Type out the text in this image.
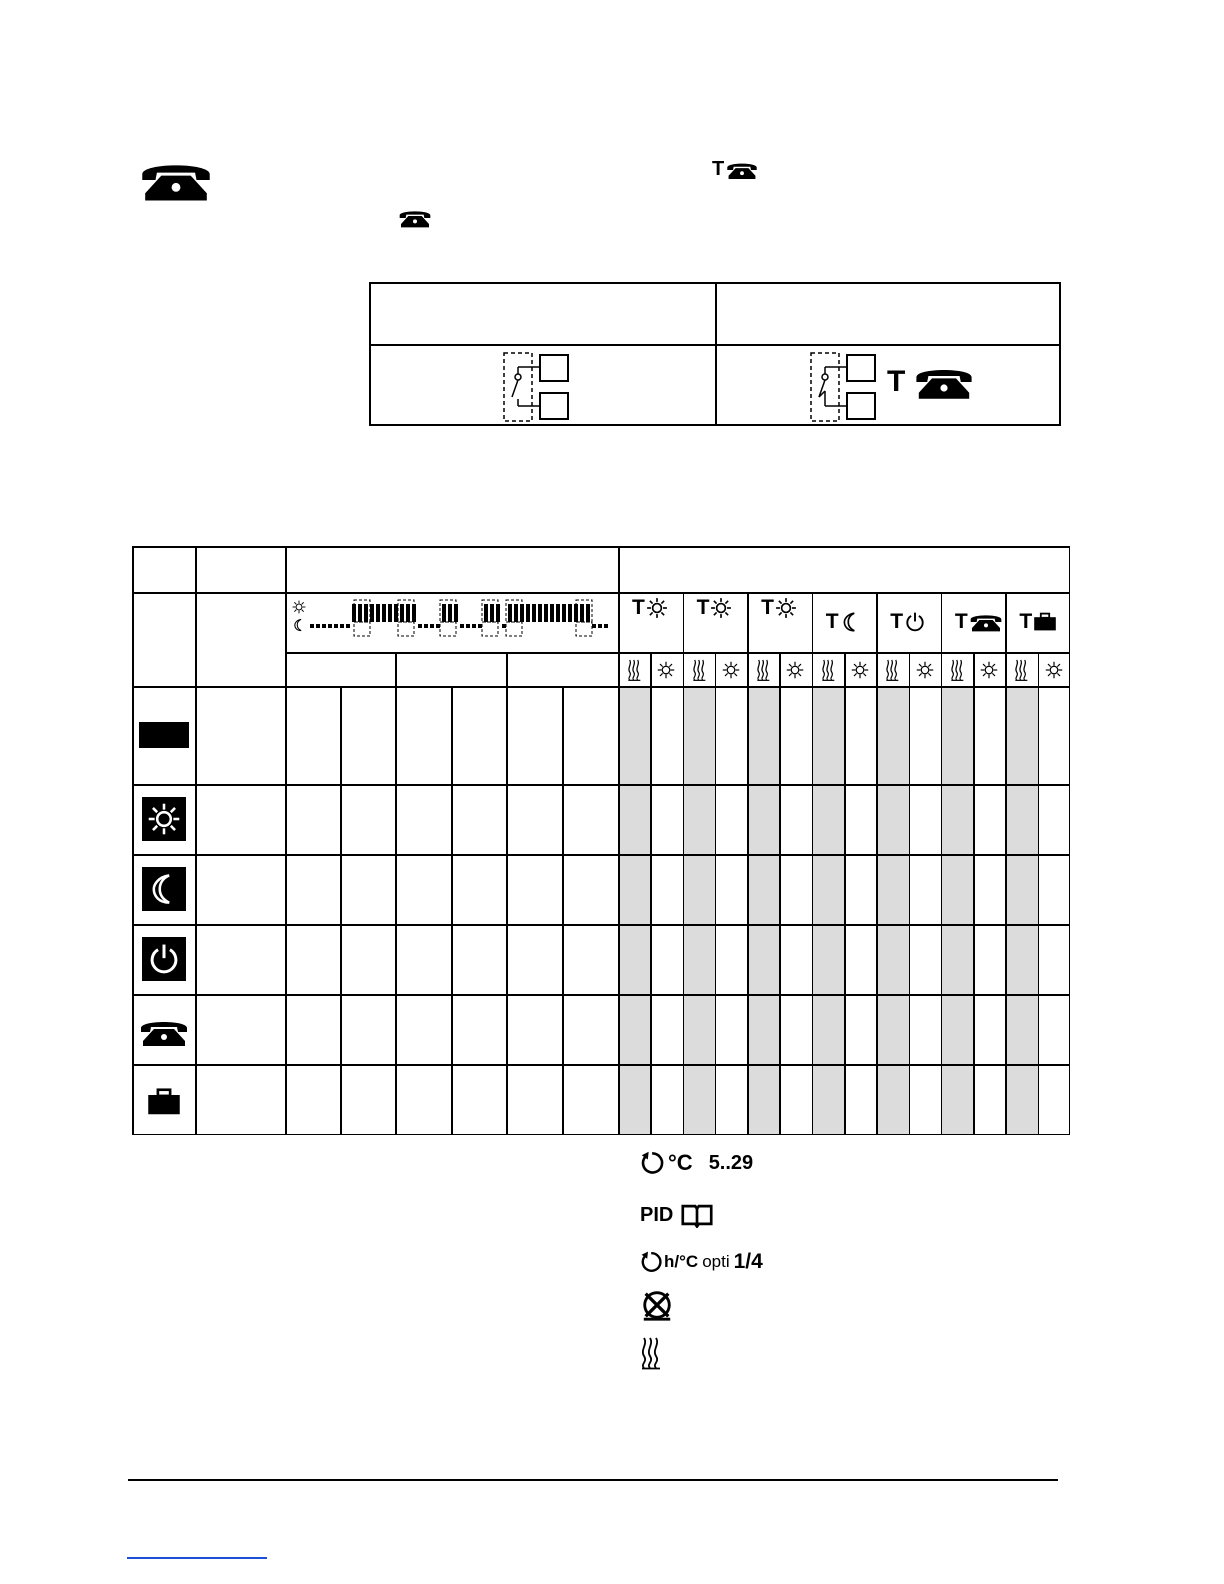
T
T
T T T
T T T T
°C 5..29
PID
h/°C opti 1/4
